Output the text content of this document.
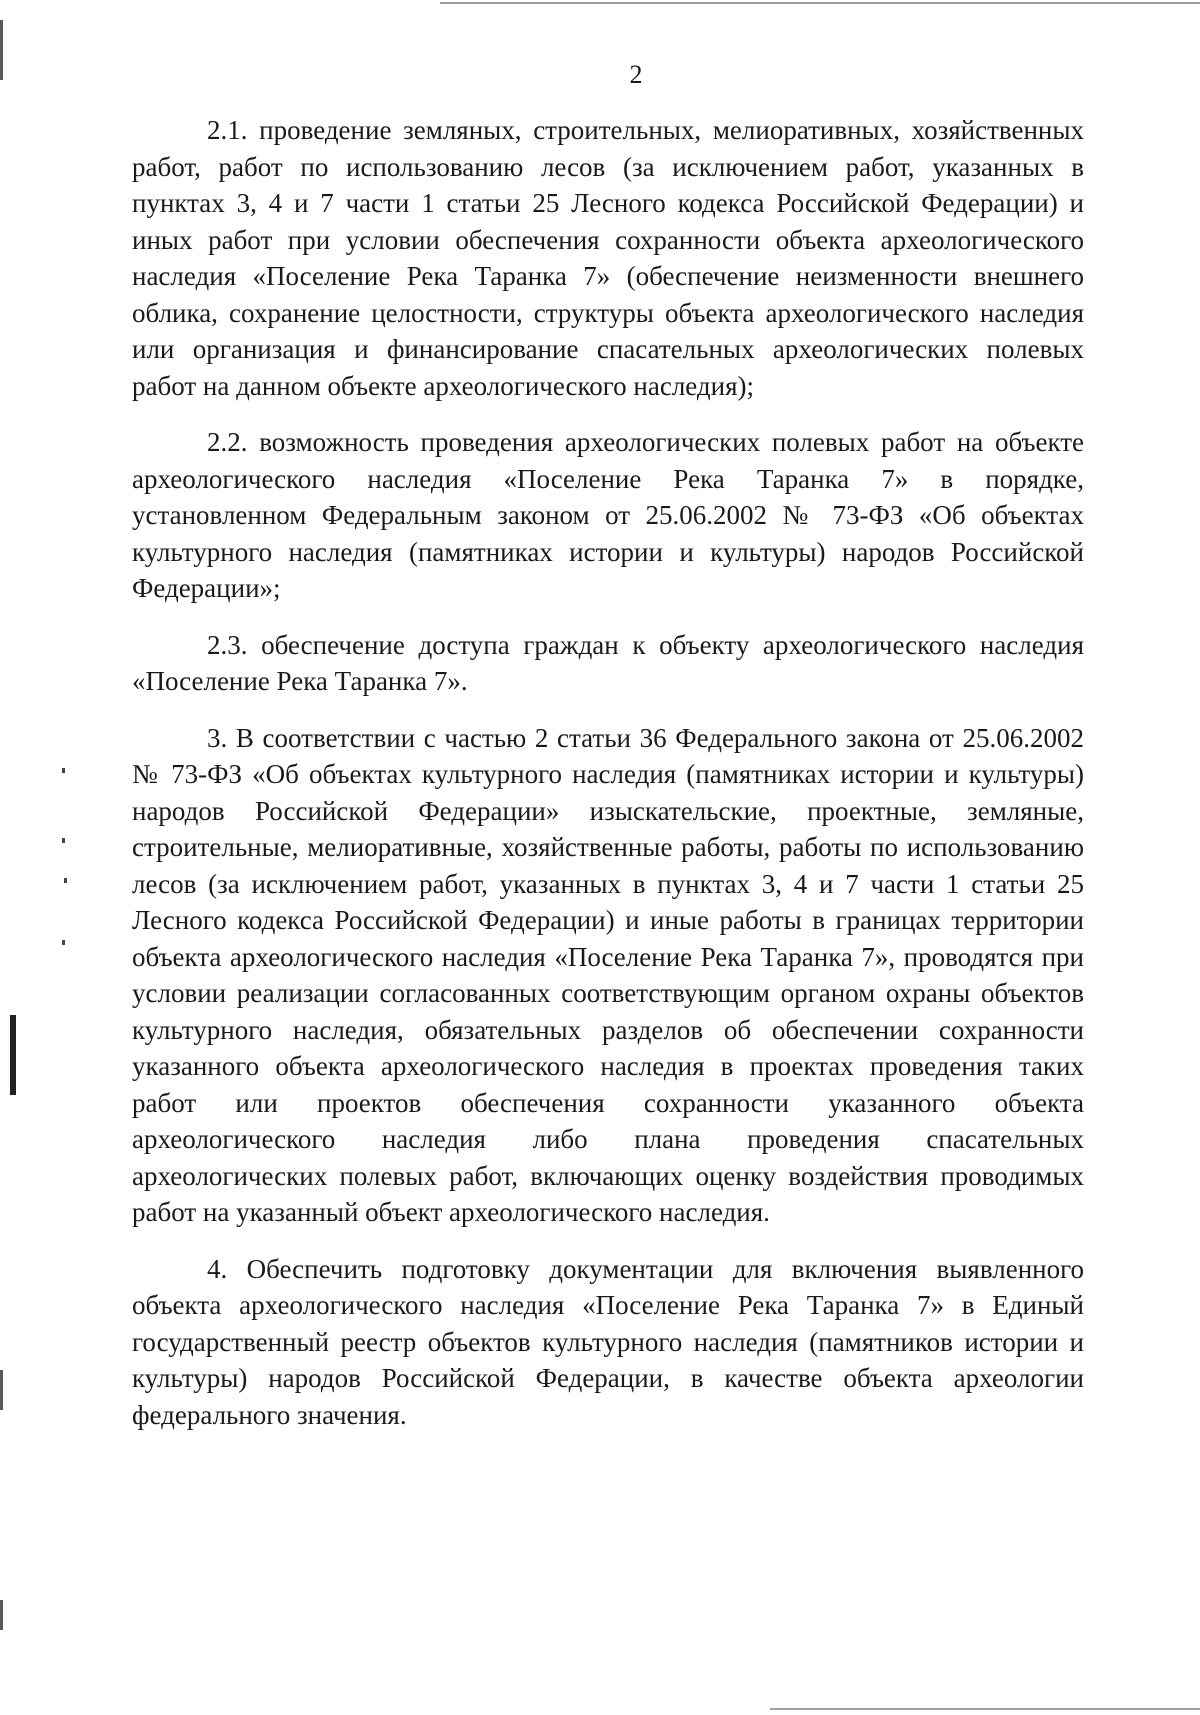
2

2.1. проведение земляных, строительных, мелиоративных, хозяйственных работ, работ по использованию лесов (за исключением работ, указанных в пунктах 3, 4 и 7 части 1 статьи 25 Лесного кодекса Российской Федерации) и иных работ при условии обеспечения сохранности объекта археологического наследия «Поселение Река Таранка 7» (обеспечение неизменности внешнего облика, сохранение целостности, структуры объекта археологического наследия или организация и финансирование спасательных археологических полевых работ на данном объекте археологического наследия);

2.2. возможность проведения археологических полевых работ на объекте археологического наследия «Поселение Река Таранка 7» в порядке, установленном Федеральным законом от 25.06.2002 № 73-ФЗ «Об объектах культурного наследия (памятниках истории и культуры) народов Российской Федерации»;

2.3. обеспечение доступа граждан к объекту археологического наследия «Поселение Река Таранка 7».

3. В соответствии с частью 2 статьи 36 Федерального закона от 25.06.2002 № 73-ФЗ «Об объектах культурного наследия (памятниках истории и культуры) народов Российской Федерации» изыскательские, проектные, земляные, строительные, мелиоративные, хозяйственные работы, работы по использованию лесов (за исключением работ, указанных в пунктах 3, 4 и 7 части 1 статьи 25 Лесного кодекса Российской Федерации) и иные работы в границах территории объекта археологического наследия «Поселение Река Таранка 7», проводятся при условии реализации согласованных соответствующим органом охраны объектов культурного наследия, обязательных разделов об обеспечении сохранности указанного объекта археологического наследия в проектах проведения таких работ или проектов обеспечения сохранности указанного объекта археологического наследия либо плана проведения спасательных археологических полевых работ, включающих оценку воздействия проводимых работ на указанный объект археологического наследия.

4. Обеспечить подготовку документации для включения выявленного объекта археологического наследия «Поселение Река Таранка 7» в Единый государственный реестр объектов культурного наследия (памятников истории и культуры) народов Российской Федерации, в качестве объекта археологии федерального значения.
